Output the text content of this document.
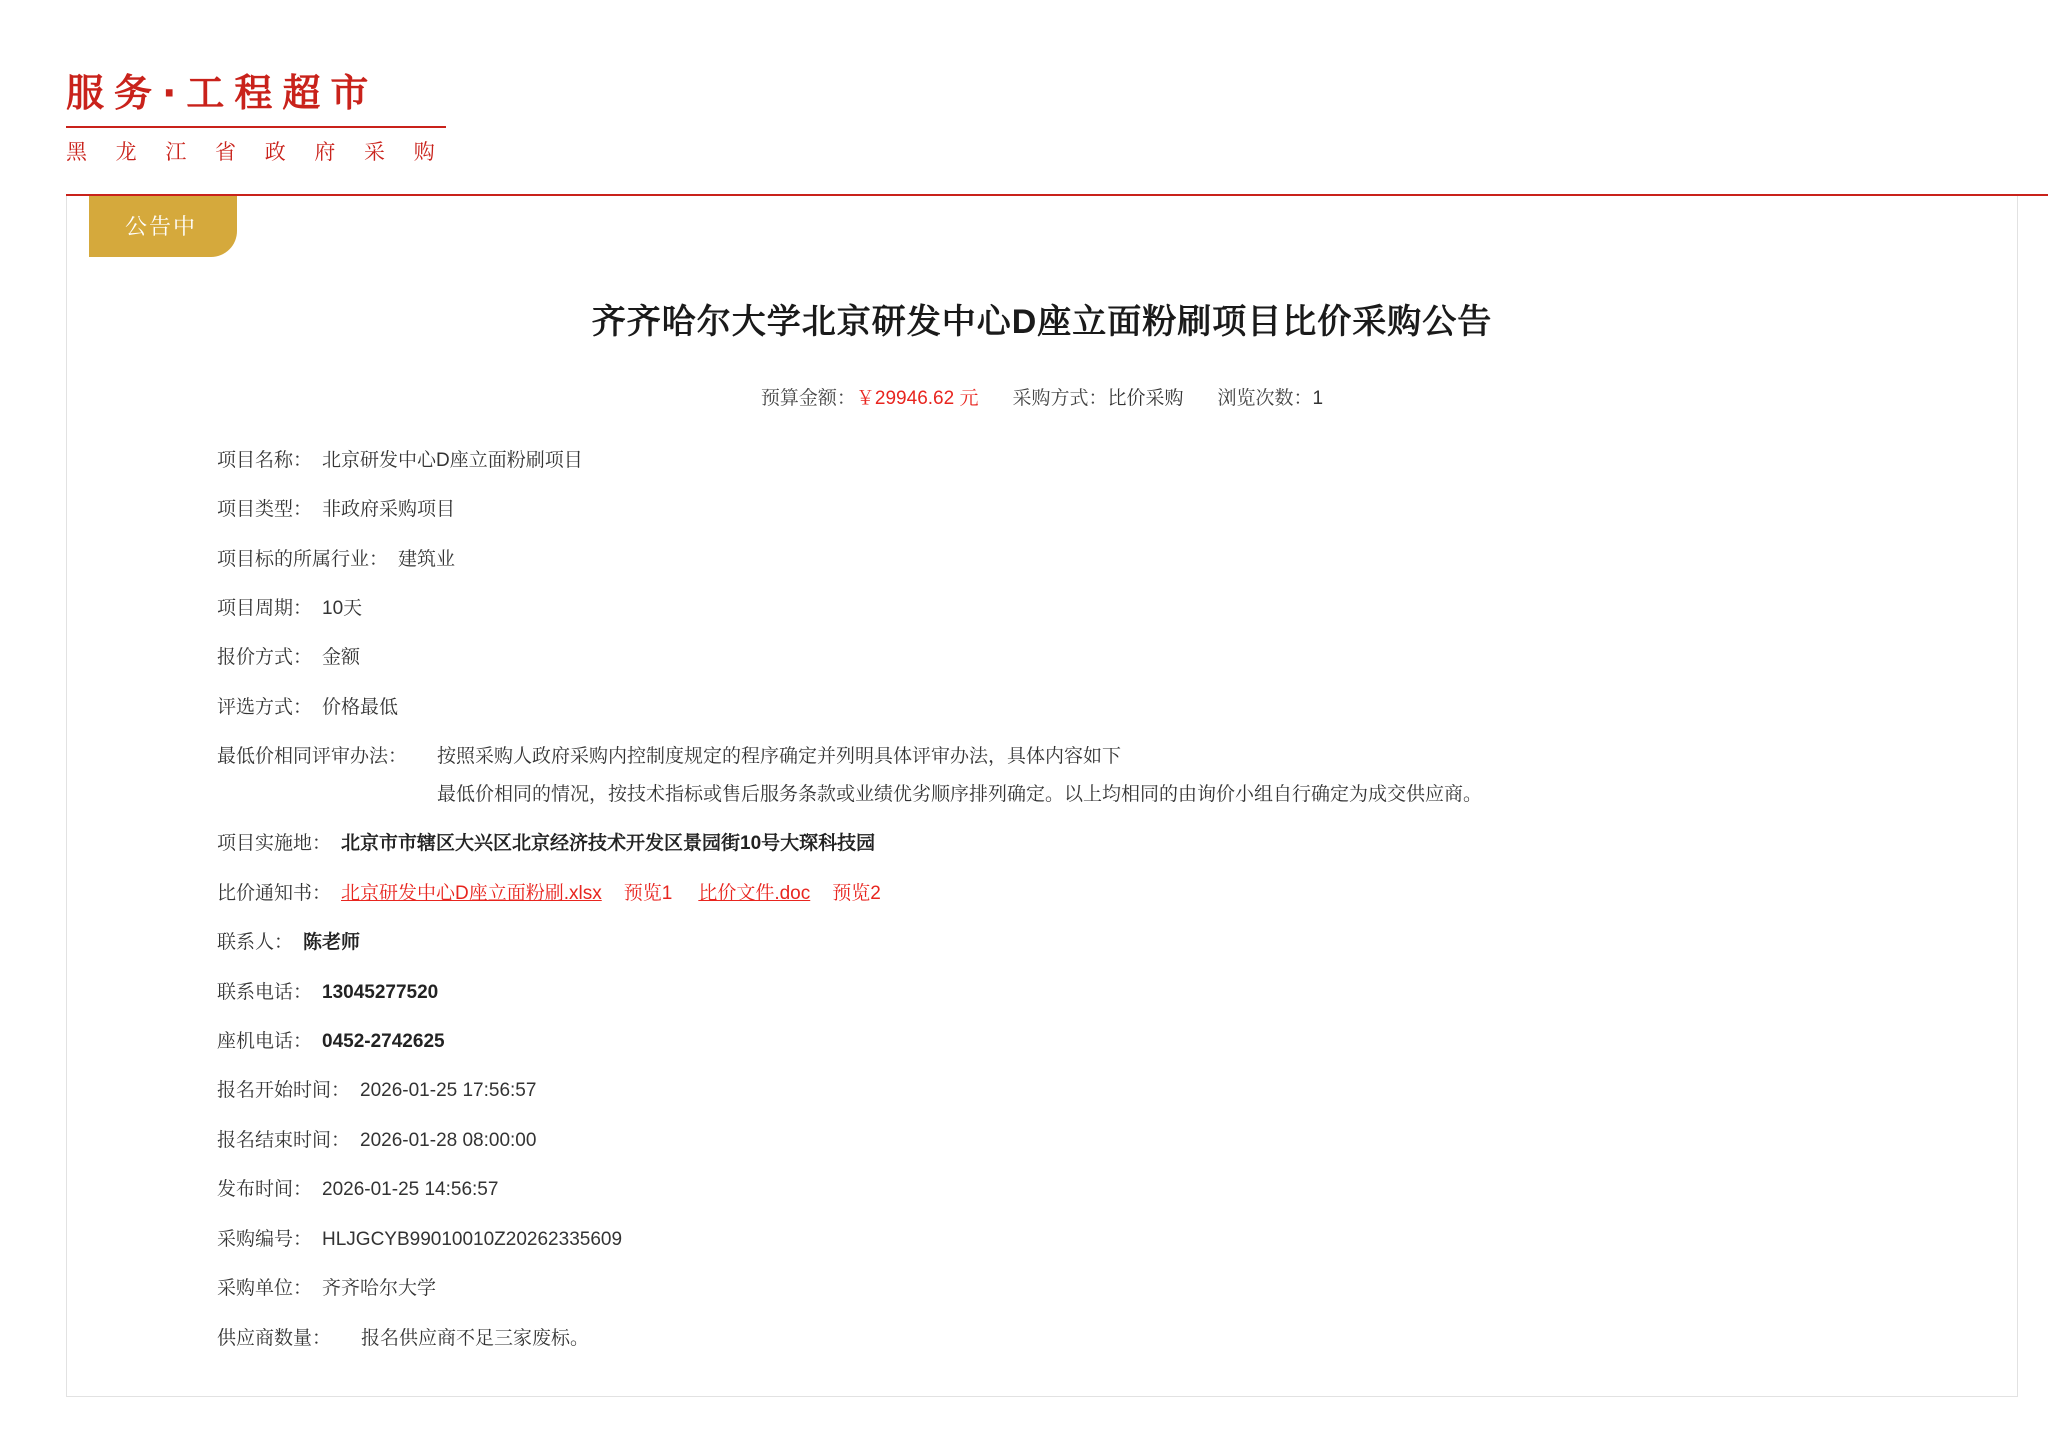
服务·工程超市
黑 龙 江 省 政 府 采 购
公告中
齐齐哈尔大学北京研发中心D座立面粉刷项目比价采购公告
预算金额：￥29946.62 元 采购方式：比价采购 浏览次数：1
项目名称： 北京研发中心D座立面粉刷项目
项目类型： 非政府采购项目
项目标的所属行业： 建筑业
项目周期： 10天
报价方式： 金额
评选方式： 价格最低
最低价相同评审办法： 按照采购人政府采购内控制度规定的程序确定并列明具体评审办法，具体内容如下

最低价相同的情况，按技术指标或售后服务条款或业绩优劣顺序排列确定。以上均相同的由询价小组自行确定为成交供应商。

项目实施地： 北京市市辖区大兴区北京经济技术开发区景园街10号大琛科技园
比价通知书： 北京研发中心D座立面粉刷.xlsx 预览1 比价文件.doc 预览2
联系人： 陈老师
联系电话： 13045277520
座机电话： 0452-2742625
报名开始时间： 2026-01-25 17:56:57
报名结束时间： 2026-01-28 08:00:00
发布时间： 2026-01-25 14:56:57
采购编号： HLJGCYB99010010Z20262335609
采购单位： 齐齐哈尔大学
供应商数量：	报名供应商不足三家废标。
